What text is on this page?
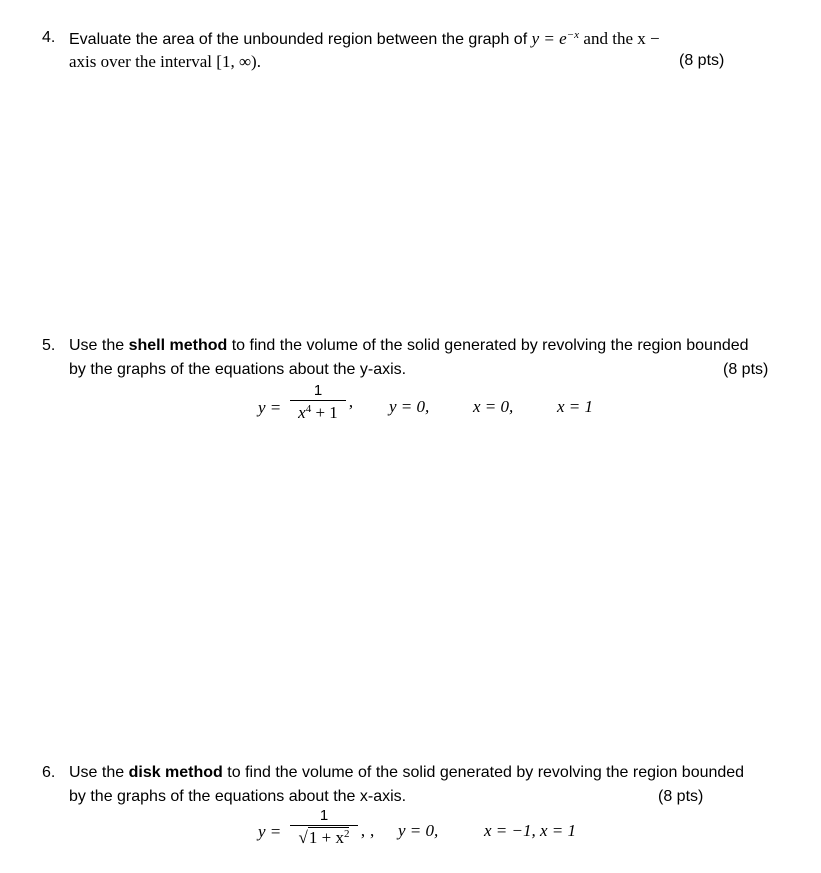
4. Evaluate the area of the unbounded region between the graph of $y = e^{-x}$ and the x −
axis over the interval [1, ∞).	(8 pts)
5. Use the shell method to find the volume of the solid generated by revolving the region bounded
by the graphs of the equations about the y-axis.	(8 pts)
y =
1
$x^4 + 1$ ’ y = 0,	x = 0,	x = 1
6. Use the disk method to find the volume of the solid generated by revolving the region bounded
by the graphs of the equations about the x-axis.	(8 pts)
y =
1
$√1 + x^2$	,
’ y = 0,	x = −1, x = 1
